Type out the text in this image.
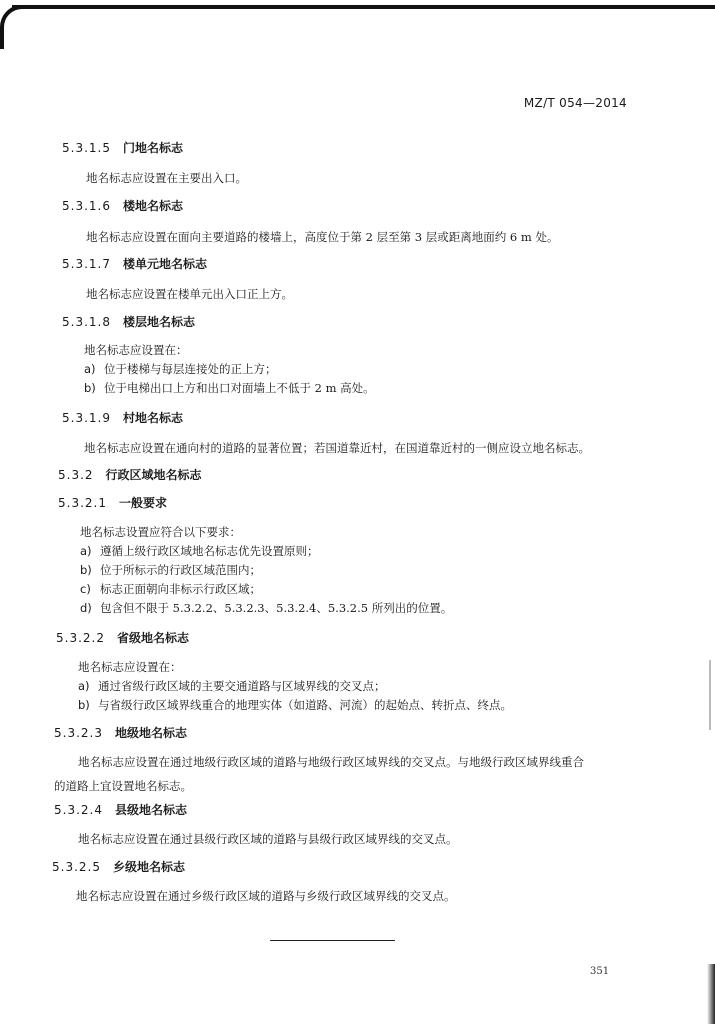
MZ/T 054—2014
5.3.1.5 门地名标志
地名标志应设置在主要出入口。
5.3.1.6 楼地名标志
地名标志应设置在面向主要道路的楼墙上，高度位于第 2 层至第 3 层或距离地面约 6 m 处。
5.3.1.7 楼单元地名标志
地名标志应设置在楼单元出入口正上方。
5.3.1.8 楼层地名标志
地名标志应设置在：
a) 位于楼梯与每层连接处的正上方；
b) 位于电梯出口上方和出口对面墙上不低于 2 m 高处。
5.3.1.9 村地名标志
地名标志应设置在通向村的道路的显著位置；若国道靠近村，在国道靠近村的一侧应设立地名标志。
5.3.2 行政区域地名标志
5.3.2.1 一般要求
地名标志设置应符合以下要求：
a) 遵循上级行政区域地名标志优先设置原则；
b) 位于所标示的行政区域范围内；
c) 标志正面朝向非标示行政区域；
d) 包含但不限于 5.3.2.2、5.3.2.3、5.3.2.4、5.3.2.5 所列出的位置。
5.3.2.2 省级地名标志
地名标志应设置在：
a) 通过省级行政区域的主要交通道路与区域界线的交叉点；
b) 与省级行政区域界线重合的地理实体（如道路、河流）的起始点、转折点、终点。
5.3.2.3 地级地名标志
地名标志应设置在通过地级行政区域的道路与地级行政区域界线的交叉点。与地级行政区域界线重合的道路上宜设置地名标志。
5.3.2.4 县级地名标志
地名标志应设置在通过县级行政区域的道路与县级行政区域界线的交叉点。
5.3.2.5 乡级地名标志
地名标志应设置在通过乡级行政区域的道路与乡级行政区域界线的交叉点。
351
